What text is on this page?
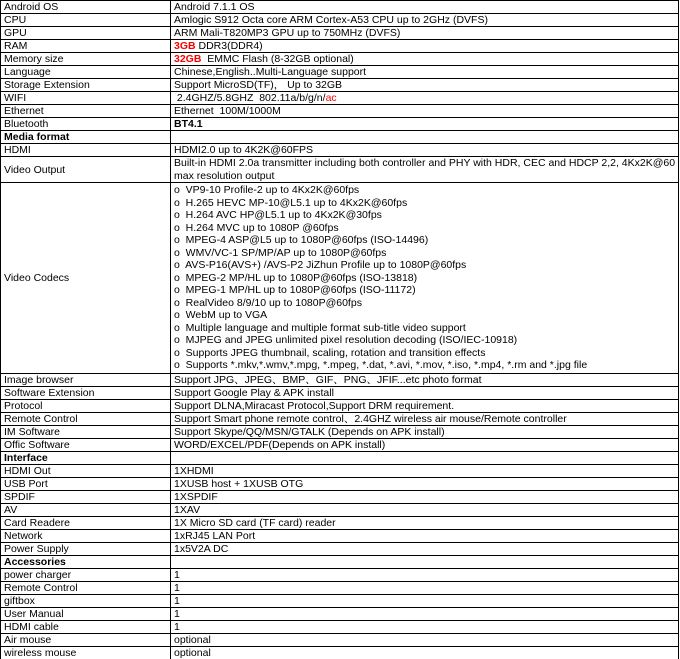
Android OS	Android 7.1.1 OS
CPU	Amlogic S912 Octa core ARM Cortex-A53 CPU up to 2GHz (DVFS)
GPU	ARM Mali-T820MP3 GPU up to 750MHz (DVFS)
RAM	3GB DDR3(DDR4)
Memory size	32GB  EMMC Flash (8-32GB optional)
Language	Chinese,English..Multi-Language support
Storage Extension	Support MicroSD(TF)， Up to 32GB
WIFI	2.4GHZ/5.8GHZ  802.11a/b/g/n/ac
Ethernet	Ethernet  100M/1000M
Bluetooth	BT4.1
Media format	
HDMI	HDMI2.0 up to 4K2K@60FPS
Video Output	Built-in HDMI 2.0a transmitter including both controller and PHY with HDR, CEC and HDCP 2,2, 4Kx2K@60 max resolution output
Video Codecs	
o  VP9-10 Profile-2 up to 4Kx2K@60fps
o  H.265 HEVC MP-10@L5.1 up to 4Kx2K@60fps
o  H.264 AVC HP@L5.1 up to 4Kx2K@30fps
o  H.264 MVC up to 1080P @60fps
o  MPEG-4 ASP@L5 up to 1080P@60fps (ISO-14496)
o  WMV/VC-1 SP/MP/AP up to 1080P@60fps
o  AVS-P16(AVS+) /AVS-P2 JiZhun Profile up to 1080P@60fps
o  MPEG-2 MP/HL up to 1080P@60fps (ISO-13818)
o  MPEG-1 MP/HL up to 1080P@60fps (ISO-11172)
o  RealVideo 8/9/10 up to 1080P@60fps
o  WebM up to VGA
o  Multiple language and multiple format sub-title video support
o  MJPEG and JPEG unlimited pixel resolution decoding (ISO/IEC-10918)
o  Supports JPEG thumbnail, scaling, rotation and transition effects
o  Supports *.mkv,*.wmv,*.mpg, *.mpeg, *.dat, *.avi, *.mov, *.iso, *.mp4, *.rm and *.jpg file

Image browser	Support JPG、JPEG、BMP、GIF、PNG、JFIF...etc photo format
Software Extension	Support Google Play & APK install
Protocol	Support DLNA,Miracast Protocol,Support DRM requirement.
Remote Control	Support Smart phone remote control、2.4GHZ wireless air mouse/Remote controller
IM Software	Support Skype/QQ/MSN/GTALK (Depends on APK install)
Offic Software	WORD/EXCEL/PDF(Depends on APK install)
Interface	
HDMI Out	1XHDMI
USB Port	1XUSB host + 1XUSB OTG
SPDIF	1XSPDIF
AV	1XAV
Card Readere	1X Micro SD card (TF card) reader
Network	1xRJ45 LAN Port
Power Supply	1x5V2A DC
Accessories	
power charger	1
Remote Control	1
giftbox	1
User Manual	1
HDMI cable	1
Air mouse	optional
wireless mouse	optional
